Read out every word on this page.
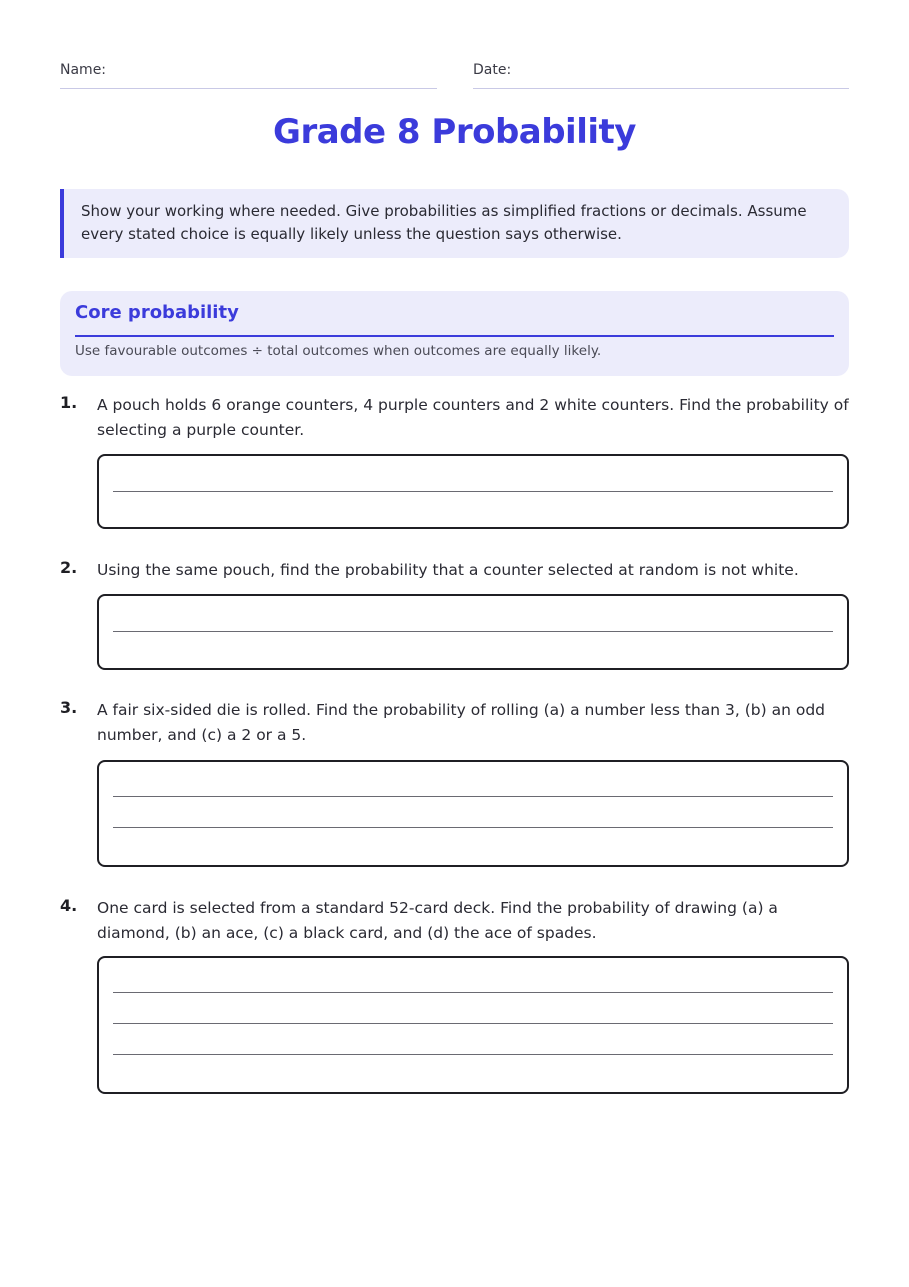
Name:	Date:
Grade 8 Probability
Show your working where needed. Give probabilities as simplified fractions or decimals. Assume every stated choice is equally likely unless the question says otherwise.
Core probability
Use favourable outcomes ÷ total outcomes when outcomes are equally likely.
1. A pouch holds 6 orange counters, 4 purple counters and 2 white counters. Find the probability of selecting a purple counter.
2. Using the same pouch, find the probability that a counter selected at random is not white.
3. A fair six-sided die is rolled. Find the probability of rolling (a) a number less than 3, (b) an odd number, and (c) a 2 or a 5.
4. One card is selected from a standard 52-card deck. Find the probability of drawing (a) a diamond, (b) an ace, (c) a black card, and (d) the ace of spades.
